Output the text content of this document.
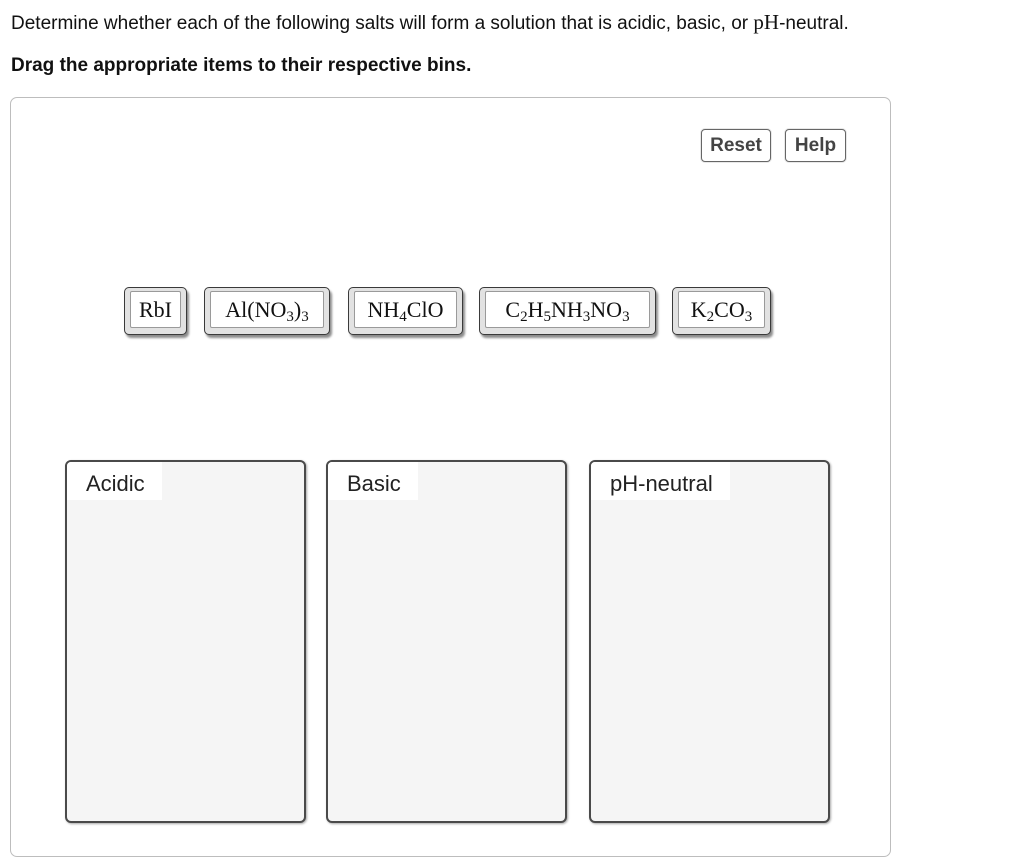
Determine whether each of the following salts will form a solution that is acidic, basic, or pH-neutral.
Drag the appropriate items to their respective bins.
Reset	Help
RbI	$Al(NO_3)_3$	$NH_4ClO$	$C_2H_5NH_3NO_3$	$K_2CO_3$
Acidic	Basic	pH-neutral
